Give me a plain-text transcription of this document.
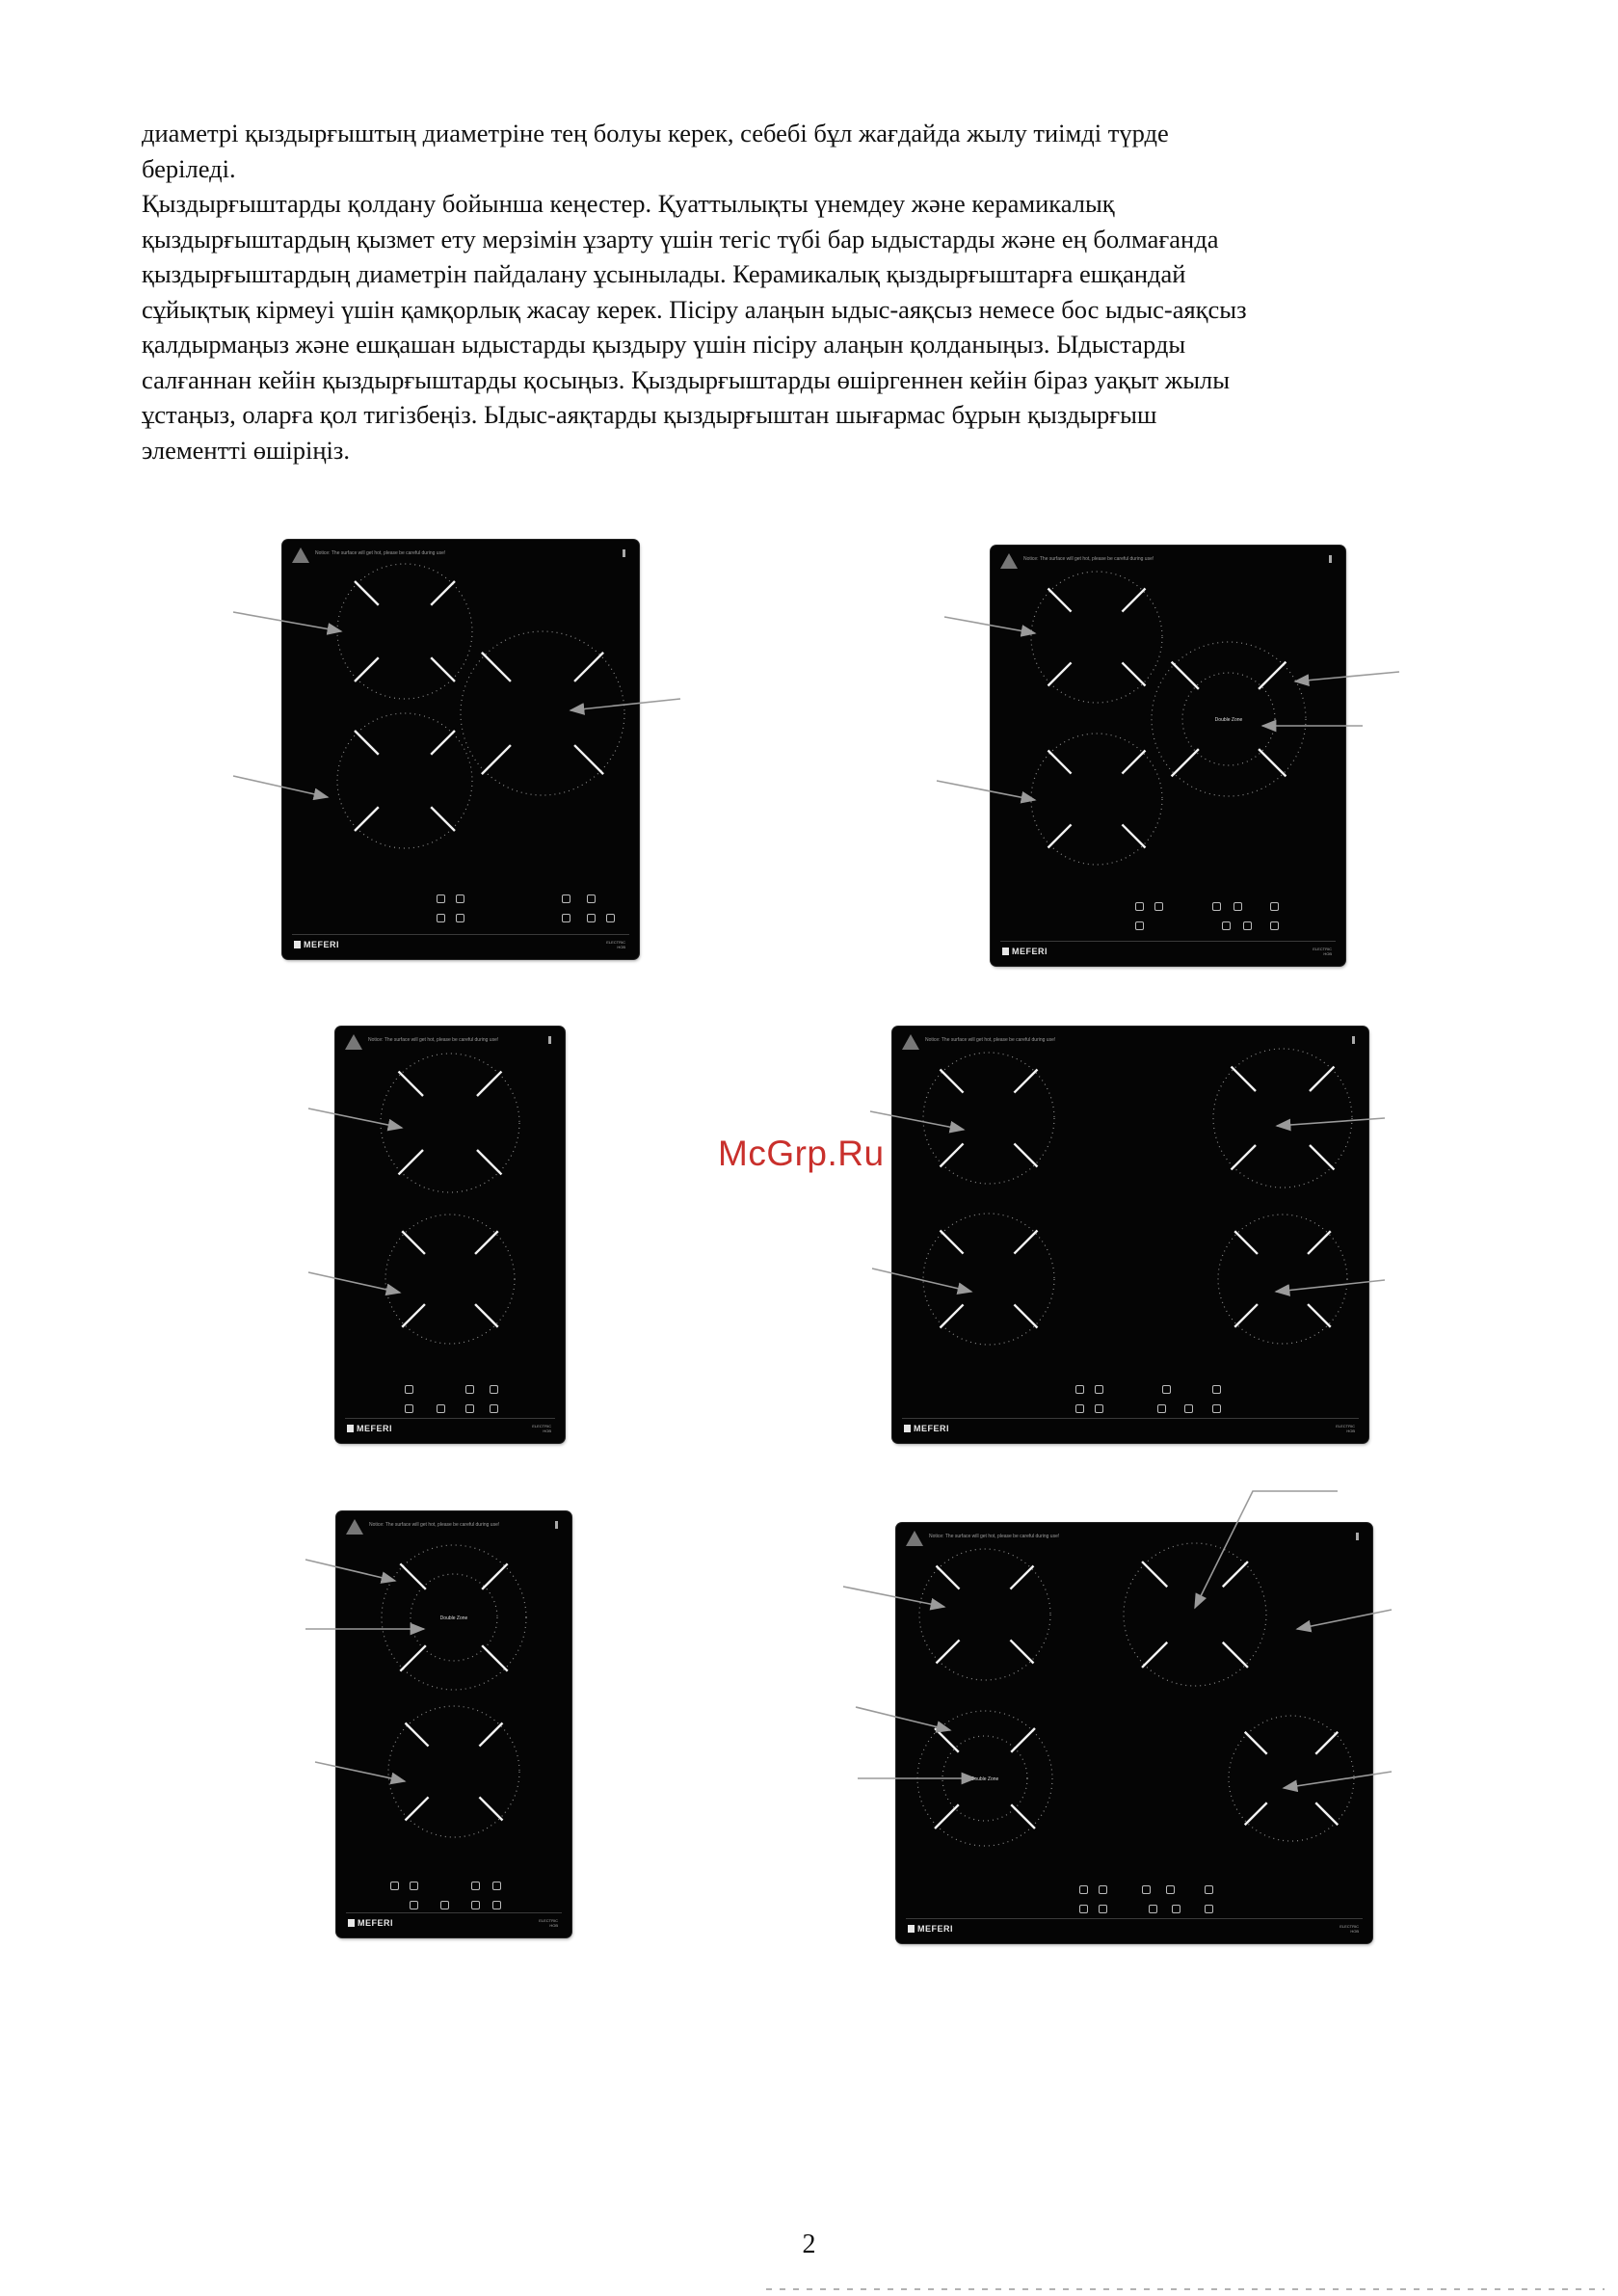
диаметрі қыздырғыштың диаметріне тең болуы керек, себебі бұл жағдайда жылу тиімді түрде
беріледі.
Қыздырғыштарды қолдану бойынша кеңестер. Қуаттылықты үнемдеу және керамикалық
қыздырғыштардың қызмет ету мерзімін ұзарту үшін тегіс түбі бар ыдыстарды және ең болмағанда
қыздырғыштардың диаметрін пайдалану ұсынылады. Керамикалық қыздырғыштарға ешқандай
сұйықтық кірмеуі үшін қамқорлық жасау керек. Пісіру алаңын ыдыс-аяқсыз немесе бос ыдыс-аяқсыз
қалдырмаңыз және ешқашан ыдыстарды қыздыру үшін пісіру алаңын қолданыңыз. Ыдыстарды
салғаннан кейін қыздырғыштарды қосыңыз. Қыздырғыштарды өшіргеннен кейін біраз уақыт жылы
ұстаңыз, оларға қол тигізбеңіз. Ыдыс-аяқтарды қыздырғыштан шығармас бұрын қыздырғыш
элементті өшіріңіз.
Notice: The surface will get hot, please be careful during use!
MEFERI	ELECTRIC
HOB
Notice: The surface will get hot, please be careful during use!
Double Zone
MEFERI	ELECTRIC
HOB
Notice: The surface will get hot, please be careful during use!
MEFERI	ELECTRIC
HOB
Notice: The surface will get hot, please be careful during use!
MEFERI	ELECTRIC
HOB
Notice: The surface will get hot, please be careful during use!
Double Zone
MEFERI	ELECTRIC
HOB
Notice: The surface will get hot, please be careful during use!
Double Zone
MEFERI	ELECTRIC
HOB
McGrp.Ru
2
